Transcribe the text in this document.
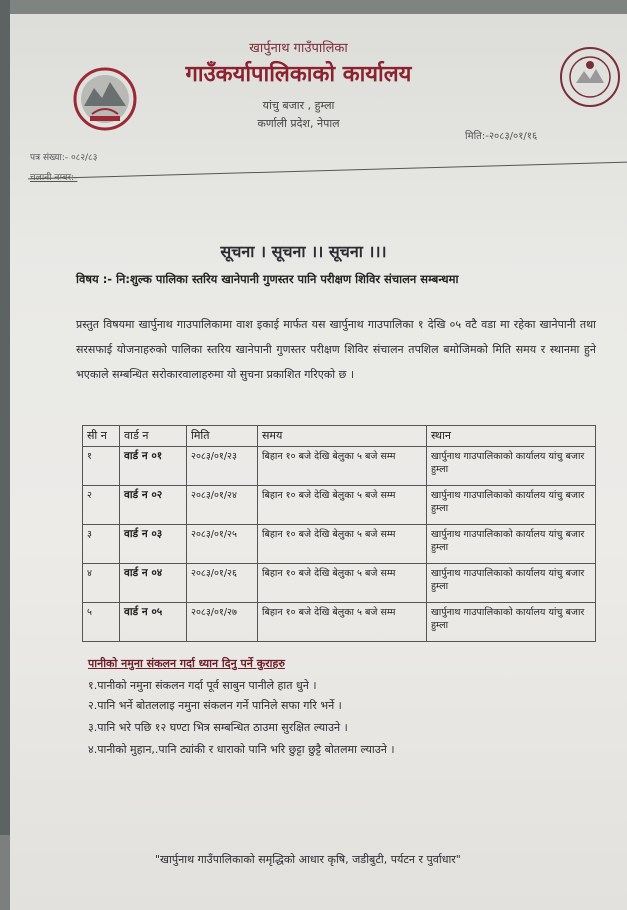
खार्पुनाथ गाउँपालिका
गाउँकर्यापालिकाको कार्यालय
यांचु बजार , हुम्ला
कर्णाली प्रदेश, नेपाल
मिति:-२०८३/०१/१६
पत्र संख्या:- ०८२/८३
सूचना । सूचना ।। सूचना ।।।
विषय :- नि:शुल्क पालिका स्तरिय खानेपानी गुणस्तर पानि परीक्षण शिविर संचालन सम्बन्धमा
प्रस्तुत विषयमा खार्पुनाथ गाउपालिकामा वाश इकाई मार्फत यस खार्पुनाथ गाउपालिका १ देखि ०५ वटै वडा मा रहेका खानेपानी तथा सरसफाई योजनाहरुको पालिका स्तरिय खानेपानी गुणस्तर परीक्षण शिविर संचालन तपशिल बमोजिमको मिति समय र स्थानमा हुने भएकाले सम्बन्धित सरोकारवालाहरुमा यो सुचना प्रकाशित गरिएको छ ।
सी न	वार्ड न	मिति	समय	स्थान
१	वार्ड न ०१	२०८३/०१/२३	बिहान १० बजे देखि बेलुका ५ बजे सम्म	खार्पुनाथ गाउपालिकाको कार्यालय यांचु बजार हुम्ला
२	वार्ड न ०२	२०८३/०१/२४	बिहान १० बजे देखि बेलुका ५ बजे सम्म	खार्पुनाथ गाउपालिकाको कार्यालय यांचु बजार हुम्ला
३	वार्ड न ०३	२०८३/०१/२५	बिहान १० बजे देखि बेलुका ५ बजे सम्म	खार्पुनाथ गाउपालिकाको कार्यालय यांचु बजार हुम्ला
४	वार्ड न ०४	२०८३/०१/२६	बिहान १० बजे देखि बेलुका ५ बजे सम्म	खार्पुनाथ गाउपालिकाको कार्यालय यांचु बजार हुम्ला
५	वार्ड न ०५	२०८३/०१/२७	बिहान १० बजे देखि बेलुका ५ बजे सम्म	खार्पुनाथ गाउपालिकाको कार्यालय यांचु बजार हुम्ला
पानीको नमुना संकलन गर्दा ध्यान दिनु पर्ने कुराहरु
१.पानीको नमुना संकलन गर्दा पूर्व साबुन पानीले हात धुने ।
२.पानि भर्ने बोतललाइ नमुना संकलन गर्ने पानिले सफा गरि भर्ने ।
३.पानि भरे पछि १२ घण्टा भित्र सम्बन्धित ठाउमा सुरक्षित ल्याउने ।
४.पानीको मुहान,.पानि ट्यांकी र धाराको पानि भरि छुट्टा छुट्टै बोतलमा ल्याउने ।
"खार्पुनाथ गाउँपालिकाको समृद्धिको आधार कृषि, जडीबुटी, पर्यटन र पुर्वाधार"
